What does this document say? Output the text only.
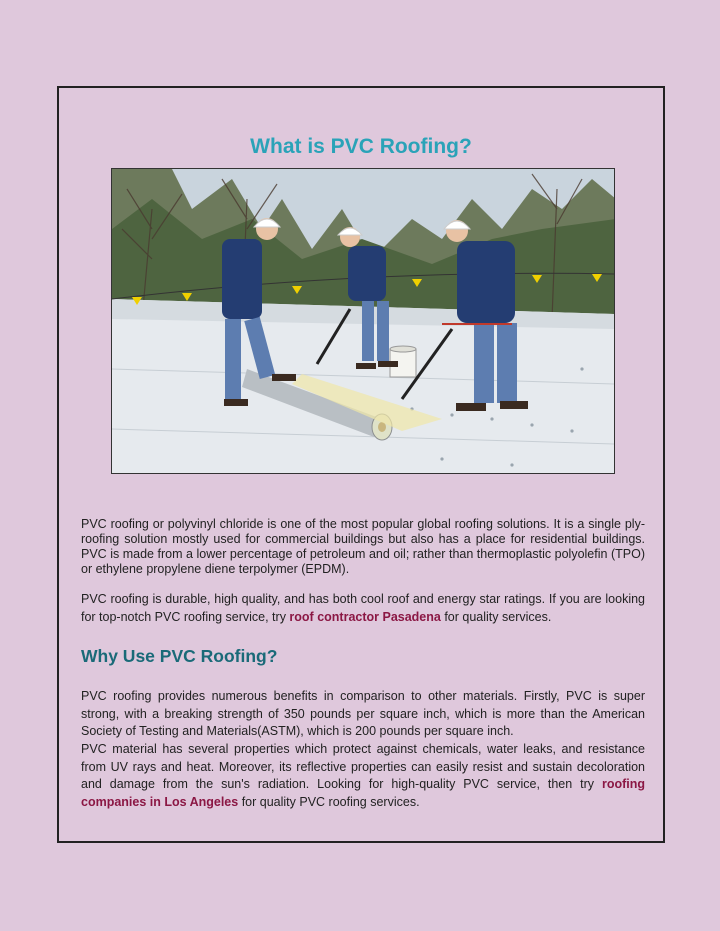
What is PVC Roofing?

PVC roofing or polyvinyl chloride is one of the most popular global roofing solutions. It is a single ply-roofing solution mostly used for commercial buildings but also has a place for residential buildings. PVC is made from a lower percentage of petroleum and oil; rather than thermoplastic polyolefin (TPO) or ethylene propylene diene terpolymer (EPDM).

PVC roofing is durable, high quality, and has both cool roof and energy star ratings. If you are looking for top-notch PVC roofing service, try roof contractor Pasadena for quality services.

Why Use PVC Roofing?

PVC roofing provides numerous benefits in comparison to other materials. Firstly, PVC is super strong, with a breaking strength of 350 pounds per square inch, which is more than the American Society of Testing and Materials(ASTM), which is 200 pounds per square inch.

PVC material has several properties which protect against chemicals, water leaks, and resistance from UV rays and heat. Moreover, its reflective properties can easily resist and sustain decoloration and damage from the sun's radiation. Looking for high-quality PVC service, then try roofing companies in Los Angeles for quality PVC roofing services.
